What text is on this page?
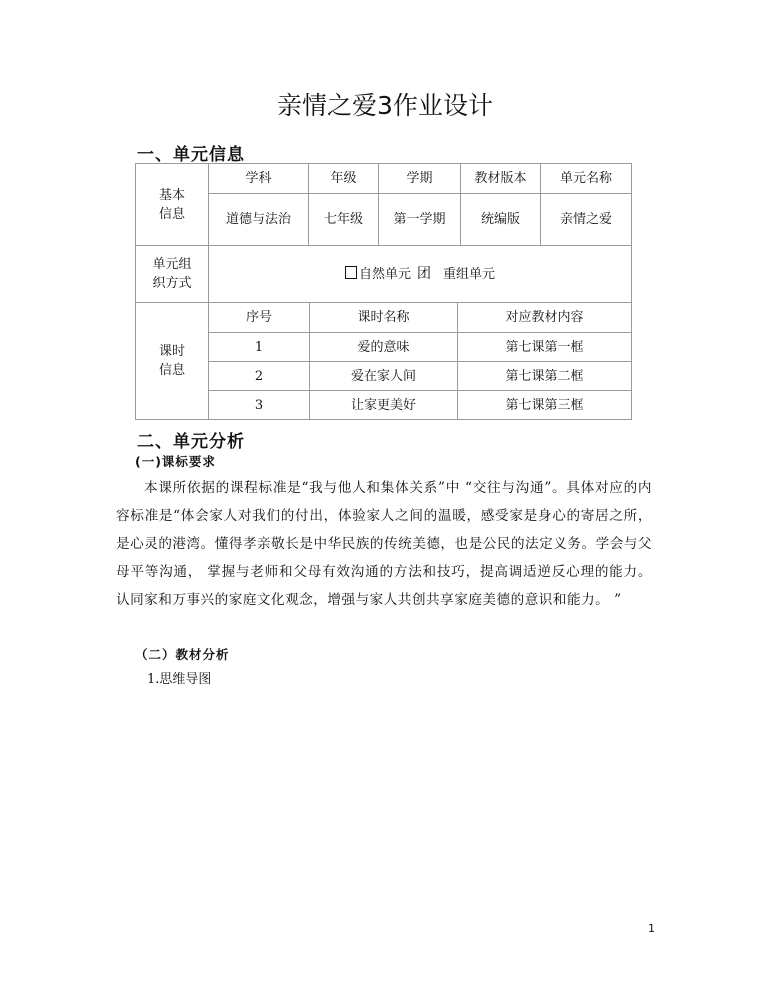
亲情之爱3作业设计
一、单元信息
基本
信息	学科	年级	学期	教材版本	单元名称
	道德与法治	七年级	第一学期	统编版	亲情之爱
单元组
织方式	自然单元 团 重组单元				
课时
信息	序号	课时名称	对应教材内容
	1	爱的意味	第七课第一框
	2	爱在家人间	第七课第二框
	3	让家更美好	第七课第三框
二、单元分析
(一)课标要求

本课所依据的课程标准是“我与他人和集体关系”中 “交往与沟通”。具体对应的内容标准是“体会家人对我们的付出，体验家人之间的温暖，感受家是身心的寄居之所，是心灵的港湾。懂得孝亲敬长是中华民族的传统美德，也是公民的法定义务。学会与父母平等沟通， 掌握与老师和父母有效沟通的方法和技巧，提高调适逆反心理的能力。 认同家和万事兴的家庭文化观念，增强与家人共创共享家庭美德的意识和能力。 ”

（二）教材分析
1.思维导图
1
